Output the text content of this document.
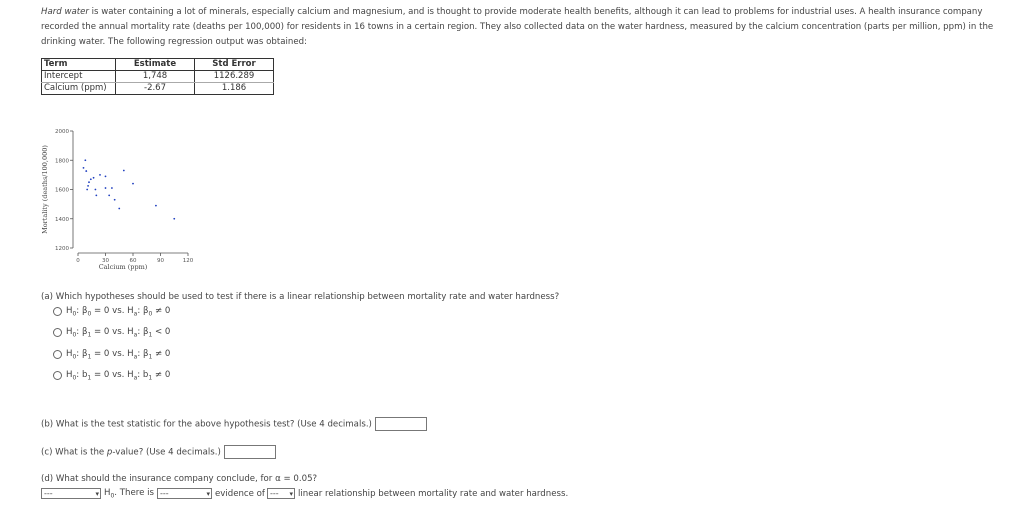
Hard water is water containing a lot of minerals, especially calcium and magnesium, and is thought to provide moderate health benefits, although it can lead to problems for industrial uses. A health insurance company recorded the annual mortality rate (deaths per 100,000) for residents in 16 towns in a certain region. They also collected data on the water hardness, measured by the calcium concentration (parts per million, ppm) in the drinking water. The following regression output was obtained:
Term	Estimate	Std Error
Intercept	1,748	1126.289
Calcium (ppm)	-2.67	1.186
1200
1400
1600
1800
2000
0	30	60	90	120
Calcium (ppm)
Mortality (deaths/100,000)
(a) Which hypotheses should be used to test if there is a linear relationship between mortality rate and water hardness?
$H_0$: $\beta_0 = 0$ vs. $H_a$: $\beta_0 \ne 0$
$H_0$: $\beta_1 = 0$ vs. $H_a$: $\beta_1 < 0$
$H_0$: $\beta_1 = 0$ vs. $H_a$: $\beta_1 \ne 0$
$H_0$: $b_1 = 0$ vs. $H_a$: $b_1 \ne 0$
(b) What is the test statistic for the above hypothesis test? (Use 4 decimals.)
(c) What is the p-value? (Use 4 decimals.)
(d) What should the insurance company conclude, for α = 0.05?
---	▾ $H_0$. There is ---	▾ evidence of --- ▾ linear relationship between mortality rate and water hardness.
